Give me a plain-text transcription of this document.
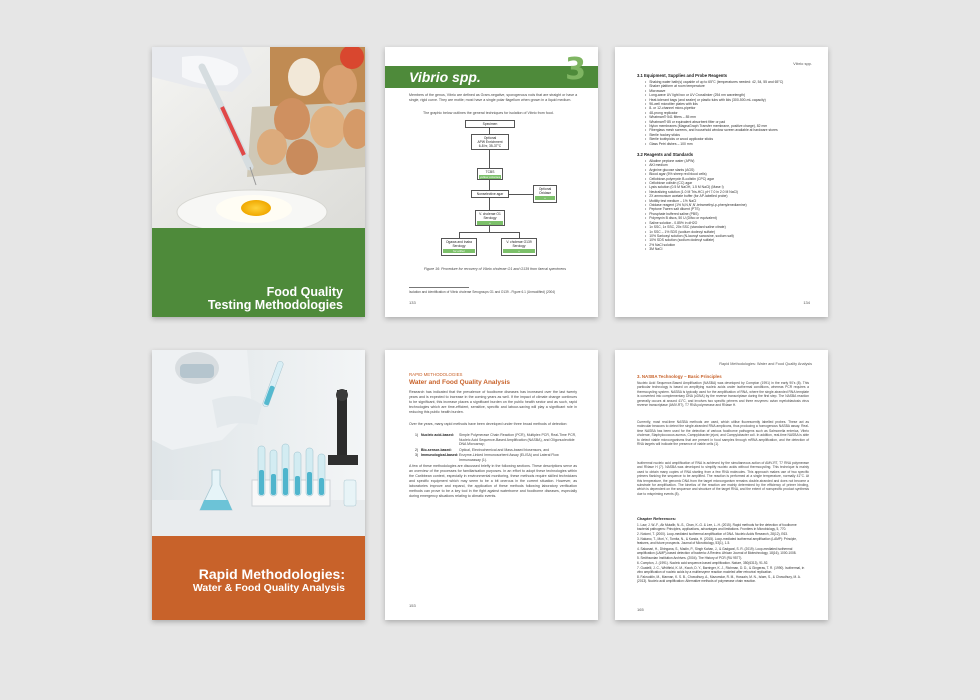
Food Quality
Testing Methodologies
Vibrio spp.	3
Members of the genus, Vibrio are defined as Gram-negative, sporogenous rods that are straight or have a single, rigid curve. They are motile; most have a single polar flagellum when grown in a liquid medium.
The graphic below outlines the general techniques for isolation of Vibrio from food.
Specimen
Optional
APW Enrichment
6-8 hr, 35-37°C
TCBS
yellow colonies
Nonselective agar
Optional Oxidase
+
V. cholerae O1
Serology
+
Ogawa and Inaba
Serology
for either
V. cholerae O139
Serology
+
Figure 16: Procedure for recovery of Vibrio cholerae O1 and O139 from faecal specimens
Isolation and identification of Vibrio cholerae Serogroups O1 and O139 - Figure 6.1 (Unmodified) (2004)
133
Vibrio spp.
3.1 Equipment, Supplies and Probe Reagents
• Shaking water bath(s) capable of up to 65°C (temperatures needed: 42, 54, 55 and 65°C)
• Shaker platform at room temperature
• Microwave
• Long-wave UV light box or UV Crosslinker (254 nm wavelength)
• Heat-tolerant bags (and sealer) or plastic tubs with lids (300-500-mL capacity)
• 96-well microtiter plates with lids
• 8- or 12-channel micro-pipettor
• 48-prong replicator
• Whatman® 541 filters – 85 mm
• Whatman® 85 or equivalent absorbent filter or pad
• Nylon membranes (MagnaGraph Transfer membrane, positive charge), 82 mm
• Fiberglass mesh screens, and household window screen available at hardware stores
• Sterile hockey sticks
• Sterile toothpicks or wood applicator sticks
• Glass Petri dishes – 100 mm
3.2 Reagents and Standards
• Alkaline peptone water (APW)
• AKI medium
• Arginine glucose slants (AGS)
• Blood agar (5% sheep red blood cells)
• Cellobiose-polymyxin B-colistin (CPC) agar
• Cellobiose colistin (CC) agar
• Lysis solution (0.5 M NaOH, 1.5 M NaCl) (Mase I)
• Neutralizing solution (1.0 M Tris-HCl, pH 7.0 in 2.0 M NaCl)
• 2X ammonium acetate buffer (for AP-labelled probe)
• Motility test medium – 1% NaCl
• Oxidase reagent (1% N,N,N',N'-tetramethyl-p-phenylenediamine)
• Peptone Tween salt diluent (PTS)
• Phosphate buffered saline (PBS)
• Polymyxin B discs, 50 U (Difco or equivalent)
• Saline solution - 0.85% in dH2O
• 1x SSC, 1x SSC, 20x SSC (standard saline citrate)
• 1x SSC – 1% SDS (sodium dodecyl sulfate)
• 10% Sarkosyl solution (N-lauroyl sarcosine, sodium salt)
• 10% SDS solution (sodium dodecyl sulfate)
• 2% NaCl solution
• 3M NaCl
134
Rapid Methodologies:
Water & Food Quality Analysis
RAPID METHODOLOGIES
Water and Food Quality Analysis
Research has indicated that the prevalence of foodborne diseases has increased over the last twenty years and is expected to increase in the coming years as well. If the impact of climate change continues to be significant, this increase places a significant burden on the public health sector and as such, rapid technologies which are time-efficient, sensitive, specific and labour-saving will play a significant role in reducing this public health burden.
Over the years, many rapid methods have been developed under three broad methods of detection:
1) Nucleic acid-based:	Simple Polymerase Chain Reaction (PCR), Multiplex PCR, Real-Time PCR, Nucleic Acid Sequence-Based Amplification (NASBA), and Oligonucleotide DNA Microarray;
2) Bio-sensor-based:	Optical, Electrochemical and Mass-based biosensors, and
3) Immunological-based: Enzyme-Linked Immunosorbent Assay (ELISA) and Lateral Flow Immunoassay (1).
A few of these methodologies are discussed briefly in the following sections. These descriptions serve as an overview of the processes for familiarisation purposes. In an effort to adopt these technologies within the Caribbean context, especially in environmental monitoring, these methods require skilled technicians and specific equipment which may seem to be a bit onerous in the current situation. However, as laboratories improve and expand, the application of these methods following laboratory verification methods can prove to be a key tool in the fight against waterborne and foodborne diseases, especially during emergency situations relating to climatic events.
153
Rapid Methodologies: Water and Food Quality Analysis
3. NASBA Technology – Basic Principles
Nucleic Acid Sequence-Based Amplification (NASBA) was developed by Compton (1991) in the early 90's (8). This particular technology is based on amplifying nucleic acids under isothermal conditions, whereas PCR requires a thermocycling system. NASBA is typically used for the amplification of RNA, where the single-stranded RNA template is converted into complementary DNA (cDNA) by the reverse transcriptase during the first step. The NASBA reaction generally occurs at around 41°C, and involves two specific primers and three enzymes: avian myeloblastosis virus reverse transcriptase (AMV-RT), T7 RNA polymerase and RNase H.
Currently, most real-time NASBA methods are used, which utilise fluorescently labelled probes. These act as molecular beacons to detect the single-stranded RNA amplicons, thus producing a homogenous NASBA assay. Real-time NASBA has been used for the detection of various foodborne pathogens such as Salmonella enterica, Vibrio cholerae, Staphylococcus aureus, Campylobacter jejuni, and Campylobacter coli. In addition, real-time NASBA is able to detect viable microorganisms that are present in food samples through mRNA amplification, and the detection of RNA targets will indicate the presence of viable cells (1).
Isothermal nucleic acid amplification of RNA is achieved by the simultaneous action of AMV-RT, T7 RNA polymerase and RNase H (7). NASBA was developed to simplify nucleic acids without thermocycling. This technique is mainly used to obtain many copies of RNA starting from a few RNA molecules. This approach makes use of two specific primers flanking the sequence to be amplified. The reaction is performed at a single temperature, normally 41°C. At this temperature, the genomic DNA from the target microorganism remains double-stranded and does not become a substrate for amplification. The kinetics of the reaction are mainly determined by the efficiency of primer binding, which is dependent on the sequence and structure of the target RNA, and the extent of nonspecific product synthesis due to mispriming events (8).
Chapter References:
1. Law, J. W.-F., Ab Mutalib, N.-S., Chan, K.-G. & Lee, L.-H. (2015). Rapid methods for the detection of foodborne bacterial pathogens: Principles, applications, advantages and limitations. Frontiers in Microbiology, 5, 770.
2. Notomi, T. (2000). Loop-mediated isothermal amplification of DNA. Nucleic Acids Research, 28(12), E63.
3. Nakano, T., Mori, Y., Tomita, N., & Kanda, H. (2015). Loop-mediated isothermal amplification (LAMP): Principle, features, and future prospects. Journal of Microbiology, 53(1), 1-5.
4. Sakanari, H., Dhingana, S., Madin, P., Singh Kahan, J., & Gadgwal, S. R. (2019). Loop-mediated isothermal amplification (LAMP)-based detection of bacteria: A Review. African Journal of Biotechnology, 18(16), 1000-1008.
5. Smithsonian Institution Archives. (2004). The History of PCR (RU 9577).
6. Compton, J. (1991). Nucleic acid sequence-based amplification. Nature, 350(6313), 91-92.
7. Guatelli, J. C., Whitfield, K. M., Kwoh, D. Y., Barringer, K. J., Richman, D. D., & Gingeras, T. R. (1990). Isothermal, in vitro amplification of nucleic acids by a multienzyme reaction modeled after retroviral replication.
8. Fakruddin, M., Mannan, K. S. B., Chowdhury, A., Mazumdar, R. M., Hossain, M. N., Islam, S., & Chowdhury, M. A. (2013). Nucleic acid amplification: Alternative methods of polymerase chain reaction.
165
